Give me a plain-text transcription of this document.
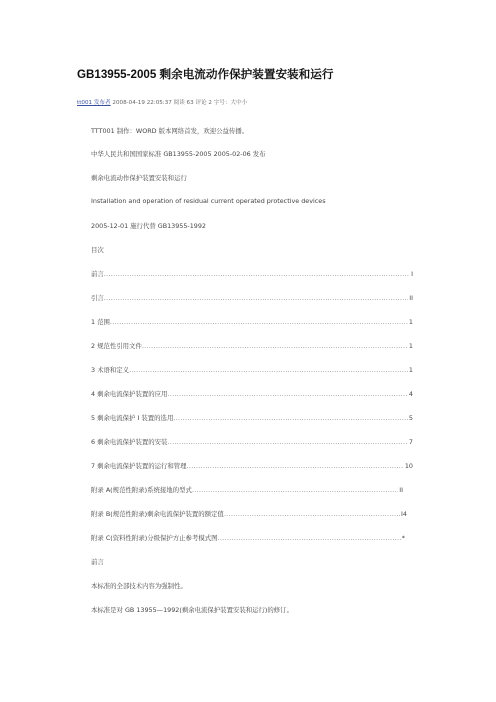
GB13955-2005 剩余电流动作保护装置安装和运行
tt001 发布者 2008-04-19 22:05:37 阅读 63 评论 2 字号：大中小
TTT001 制作：WORD 版本网络首发，欢迎公益传播。
中华人民共和国国家标准 GB13955-2005 2005-02-06 发布
剩余电流动作保护装置安装和运行
Installation and operation of residual current operated protective devices
2005-12-01 施行代替 GB13955-1992
目次
前言 .....	I
引言 .....	II
1 范围 .....	1
2 规范性引用文件 .....	1
3 术语和定义 .....	1
4 剩余电流保护装置的应用 .....	4
5 剩余电流保护 I 装置的选用 .....	5
6 剩余电流保护装置的安装 .....	7
7 剩余电流保护装置的运行和管理 .....	10
附录 A(规范性附录)系统接地的型式 .....	II
附录 B(规范性附录)剩余电流保护装置的额定值 .....	I4
附录 C(资料性附录)分级保护方止参考模式图 .....	*
前言
本标准的全部技术内容为强制性。
本标准是对 GB 13955—1992(剩余电流保护装置安装和运行)的修订。
